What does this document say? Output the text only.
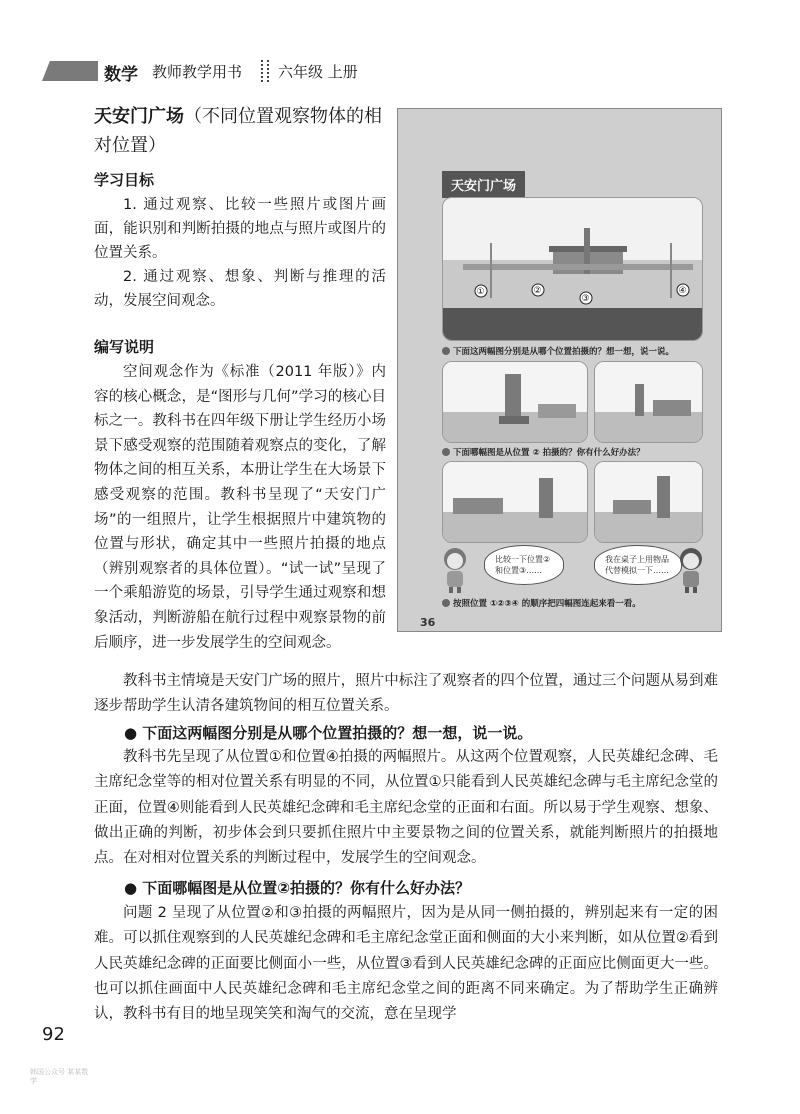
数学 教师教学用书 六年级 上册
天安门广场（不同位置观察物体的相对位置）
学习目标

1. 通过观察、比较一些照片或图片画面，能识别和判断拍摄的地点与照片或图片的位置关系。

2. 通过观察、想象、判断与推理的活动，发展空间观念。

编写说明

空间观念作为《标准（2011 年版）》内容的核心概念，是“图形与几何”学习的核心目标之一。教科书在四年级下册让学生经历小场景下感受观察的范围随着观察点的变化，了解物体之间的相互关系，本册让学生在大场景下感受观察的范围。教科书呈现了“天安门广场”的一组照片，让学生根据照片中建筑物的位置与形状，确定其中一些照片拍摄的地点（辨别观察者的具体位置）。“试一试”呈现了一个乘船游览的场景，引导学生通过观察和想象活动，判断游船在航行过程中观察景物的前后顺序，进一步发展学生的空间观念。

天安门广场
①	②
③
④
下面这两幅图分别是从哪个位置拍摄的？想一想，说一说。
下面哪幅图是从位置 ② 拍摄的？你有什么好办法？
比较一下位置②和位置③……
我在桌子上用物品代替模拟一下……
按照位置 ①②③④ 的顺序把四幅图连起来看一看。
36

教科书主情境是天安门广场的照片，照片中标注了观察者的四个位置，通过三个问题从易到难逐步帮助学生认清各建筑物间的相互位置关系。

● 下面这两幅图分别是从哪个位置拍摄的？想一想，说一说。

教科书先呈现了从位置①和位置④拍摄的两幅照片。从这两个位置观察，人民英雄纪念碑、毛主席纪念堂等的相对位置关系有明显的不同，从位置①只能看到人民英雄纪念碑与毛主席纪念堂的正面，位置④则能看到人民英雄纪念碑和毛主席纪念堂的正面和右面。所以易于学生观察、想象、做出正确的判断，初步体会到只要抓住照片中主要景物之间的位置关系，就能判断照片的拍摄地点。在对相对位置关系的判断过程中，发展学生的空间观念。

● 下面哪幅图是从位置②拍摄的？你有什么好办法？

问题 2 呈现了从位置②和③拍摄的两幅照片，因为是从同一侧拍摄的，辨别起来有一定的困难。可以抓住观察到的人民英雄纪念碑和毛主席纪念堂正面和侧面的大小来判断，如从位置②看到人民英雄纪念碑的正面要比侧面小一些，从位置③看到人民英雄纪念碑的正面应比侧面更大一些。也可以抓住画面中人民英雄纪念碑和毛主席纪念堂之间的距离不同来确定。为了帮助学生正确辨认，教科书有目的地呈现笑笑和淘气的交流，意在呈现学

92
韩国公众号 某某数学
